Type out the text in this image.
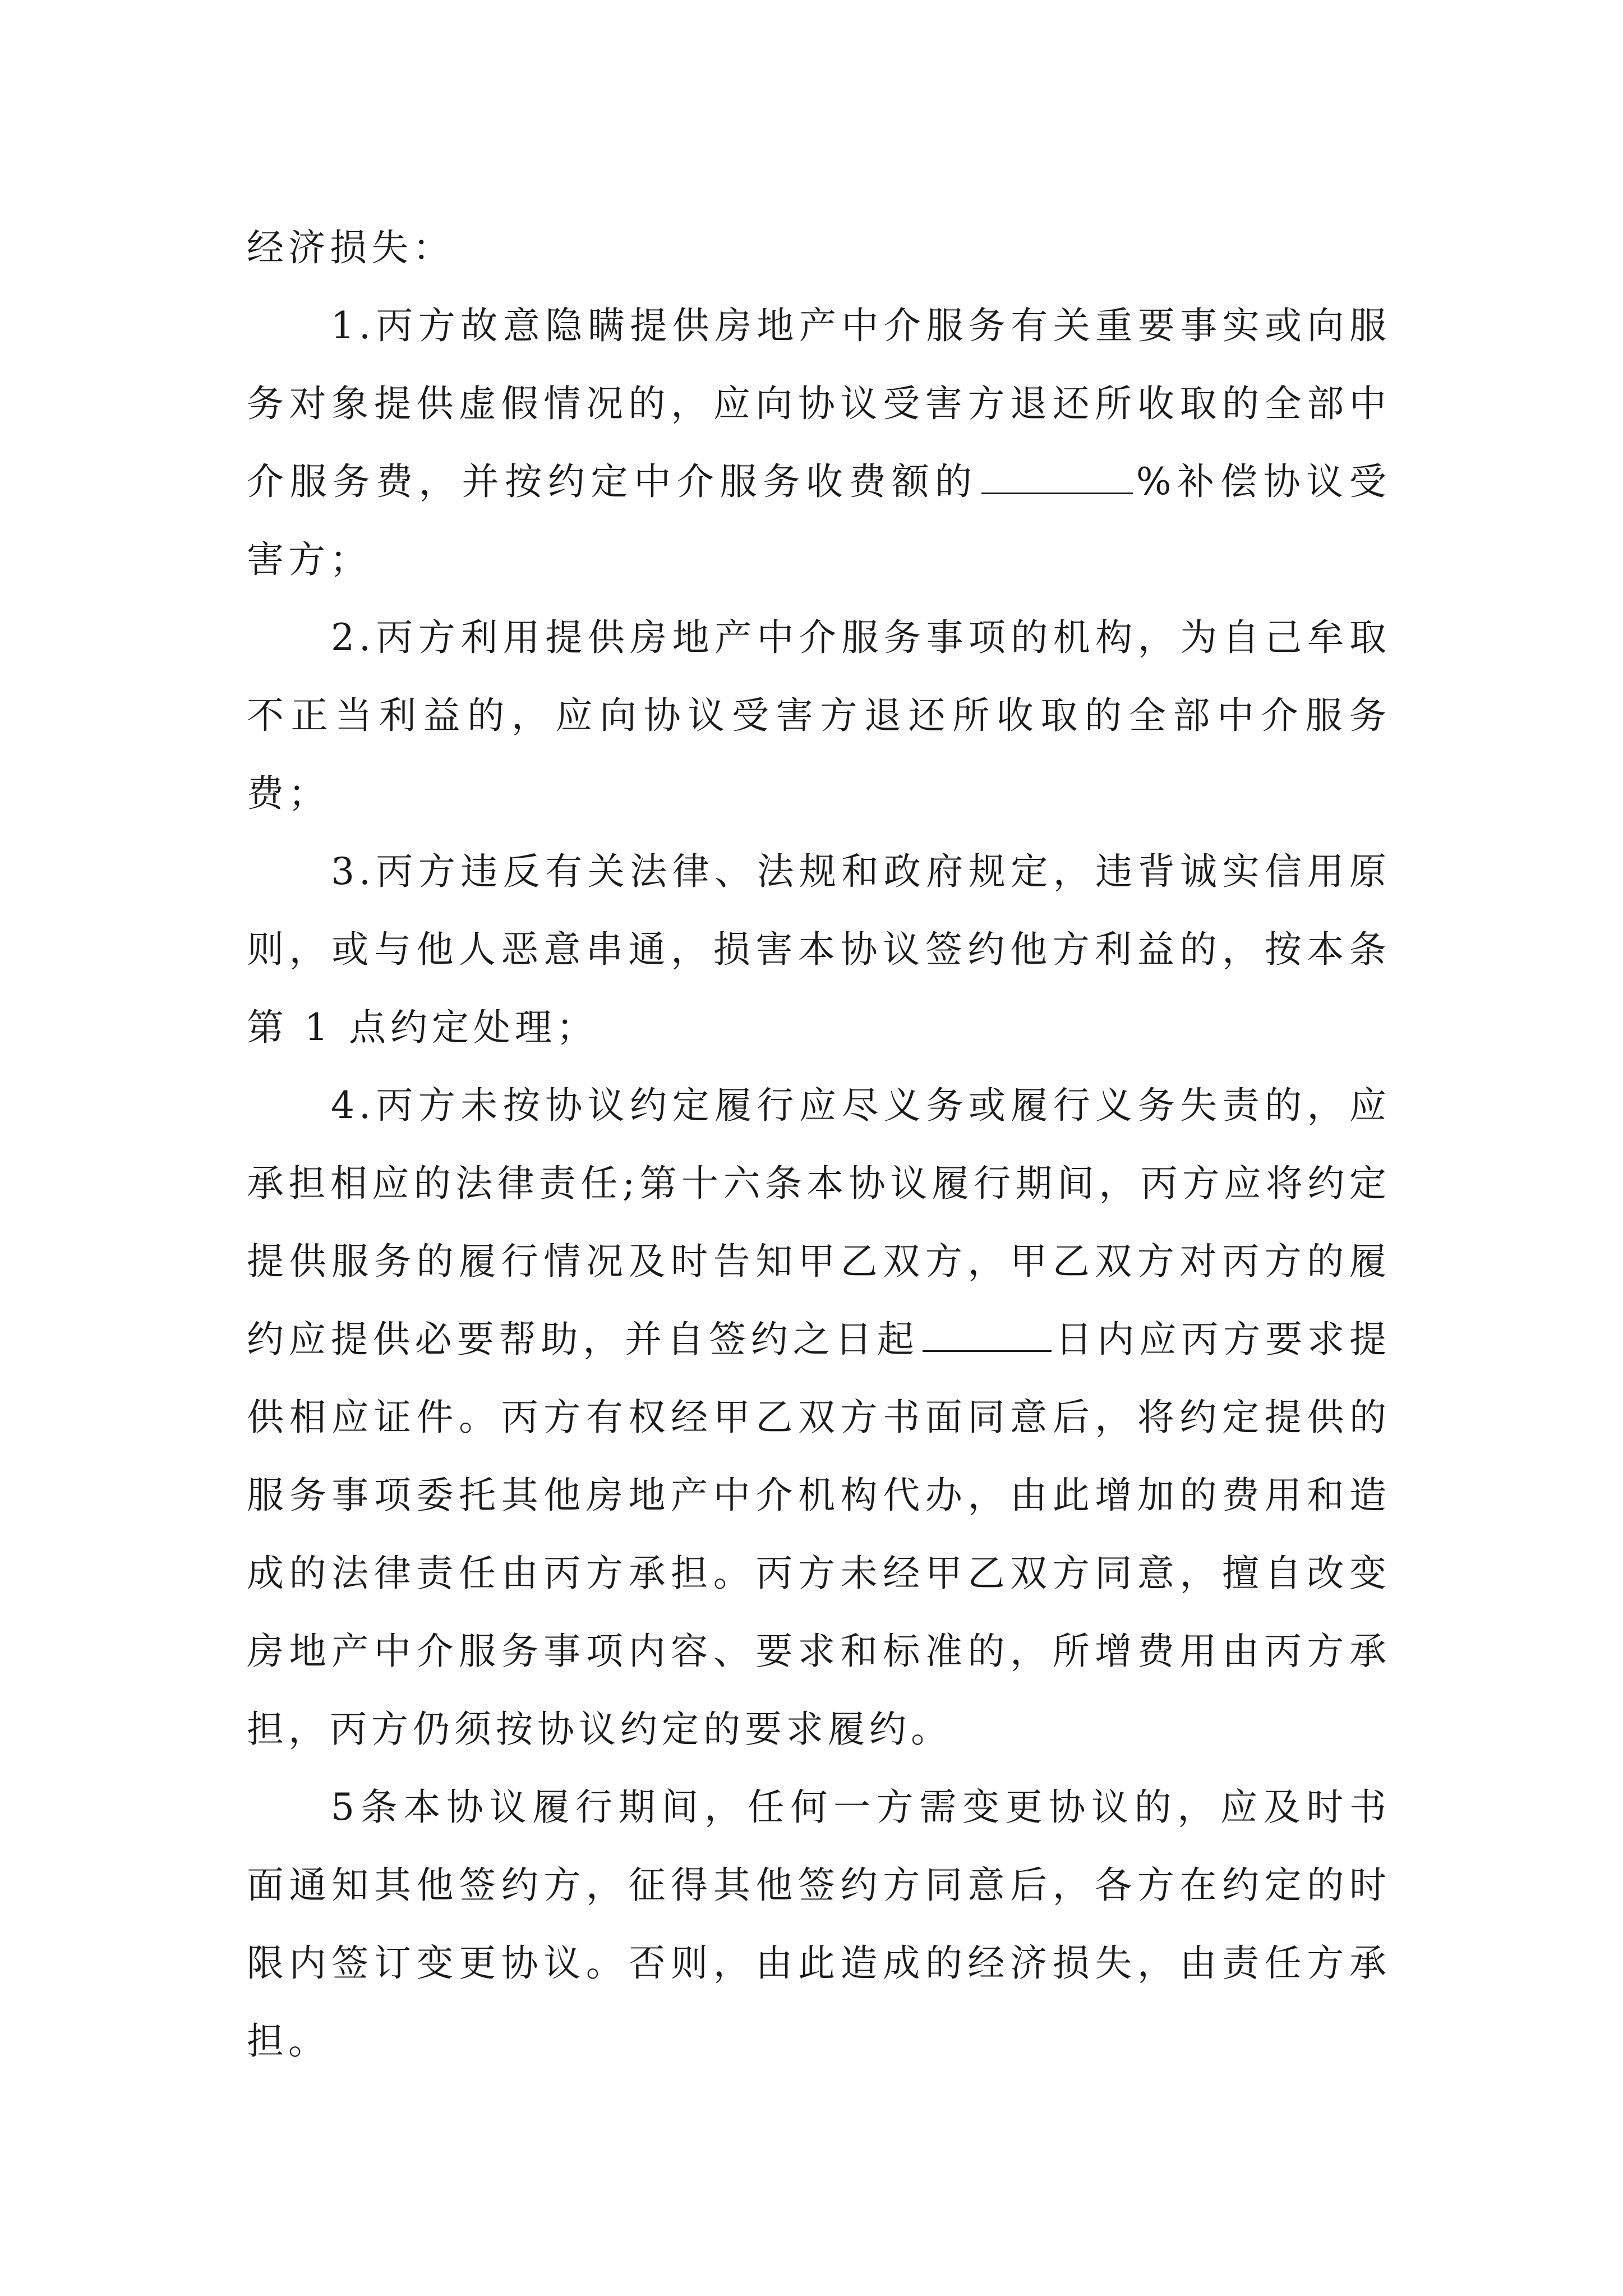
经济损失：

1.丙方故意隐瞒提供房地产中介服务有关重要事实或向服务对象提供虚假情况的，应向协议受害方退还所收取的全部中介服务费，并按约定中介服务收费额的	%补偿协议受害方；

2.丙方利用提供房地产中介服务事项的机构，为自己牟取不正当利益的，应向协议受害方退还所收取的全部中介服务费；

3.丙方违反有关法律、法规和政府规定，违背诚实信用原则，或与他人恶意串通，损害本协议签约他方利益的，按本条第 1 点约定处理；

4.丙方未按协议约定履行应尽义务或履行义务失责的，应承担相应的法律责任;第十六条本协议履行期间，丙方应将约定提供服务的履行情况及时告知甲乙双方，甲乙双方对丙方的履约应提供必要帮助，并自签约之日起	日内应丙方要求提供相应证件。丙方有权经甲乙双方书面同意后，将约定提供的服务事项委托其他房地产中介机构代办，由此增加的费用和造成的法律责任由丙方承担。丙方未经甲乙双方同意，擅自改变房地产中介服务事项内容、要求和标准的，所增费用由丙方承担，丙方仍须按协议约定的要求履约。

5条本协议履行期间，任何一方需变更协议的，应及时书面通知其他签约方，征得其他签约方同意后，各方在约定的时限内签订变更协议。否则，由此造成的经济损失，由责任方承担。
